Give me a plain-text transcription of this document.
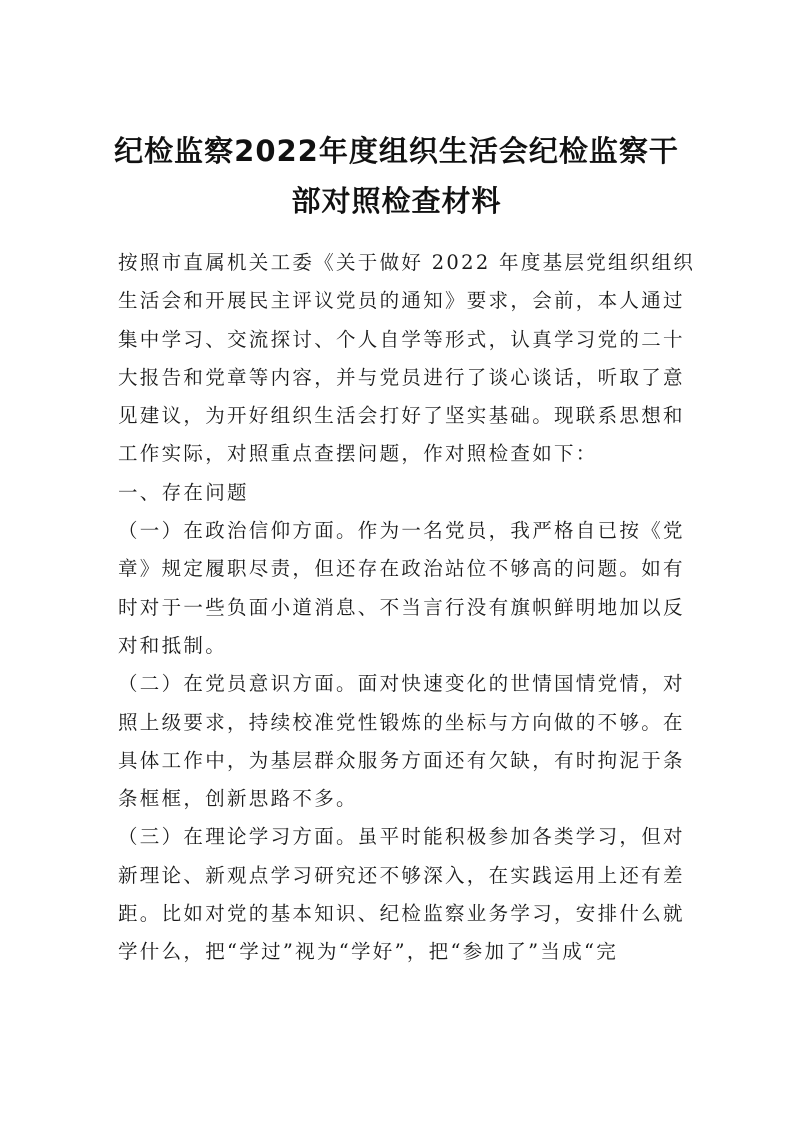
纪检监察2022年度组织生活会纪检监察干
部对照检查材料
按照市直属机关工委《关于做好 2022 年度基层党组织组织
生活会和开展民主评议党员的通知》要求，会前，本人通过
集中学习、交流探讨、个人自学等形式，认真学习党的二十
大报告和党章等内容，并与党员进行了谈心谈话，听取了意
见建议，为开好组织生活会打好了坚实基础。现联系思想和
工作实际，对照重点查摆问题，作对照检查如下：
一、存在问题
（一）在政治信仰方面。作为一名党员，我严格自已按《党
章》规定履职尽责，但还存在政治站位不够高的问题。如有
时对于一些负面小道消息、不当言行没有旗帜鲜明地加以反
对和抵制。
（二）在党员意识方面。面对快速变化的世情国情党情，对
照上级要求，持续校准党性锻炼的坐标与方向做的不够。在
具体工作中，为基层群众服务方面还有欠缺，有时拘泥于条
条框框，创新思路不多。
（三）在理论学习方面。虽平时能积极参加各类学习，但对
新理论、新观点学习研究还不够深入，在实践运用上还有差
距。比如对党的基本知识、纪检监察业务学习，安排什么就
学什么，把“学过”视为“学好”，把“参加了”当成“完
